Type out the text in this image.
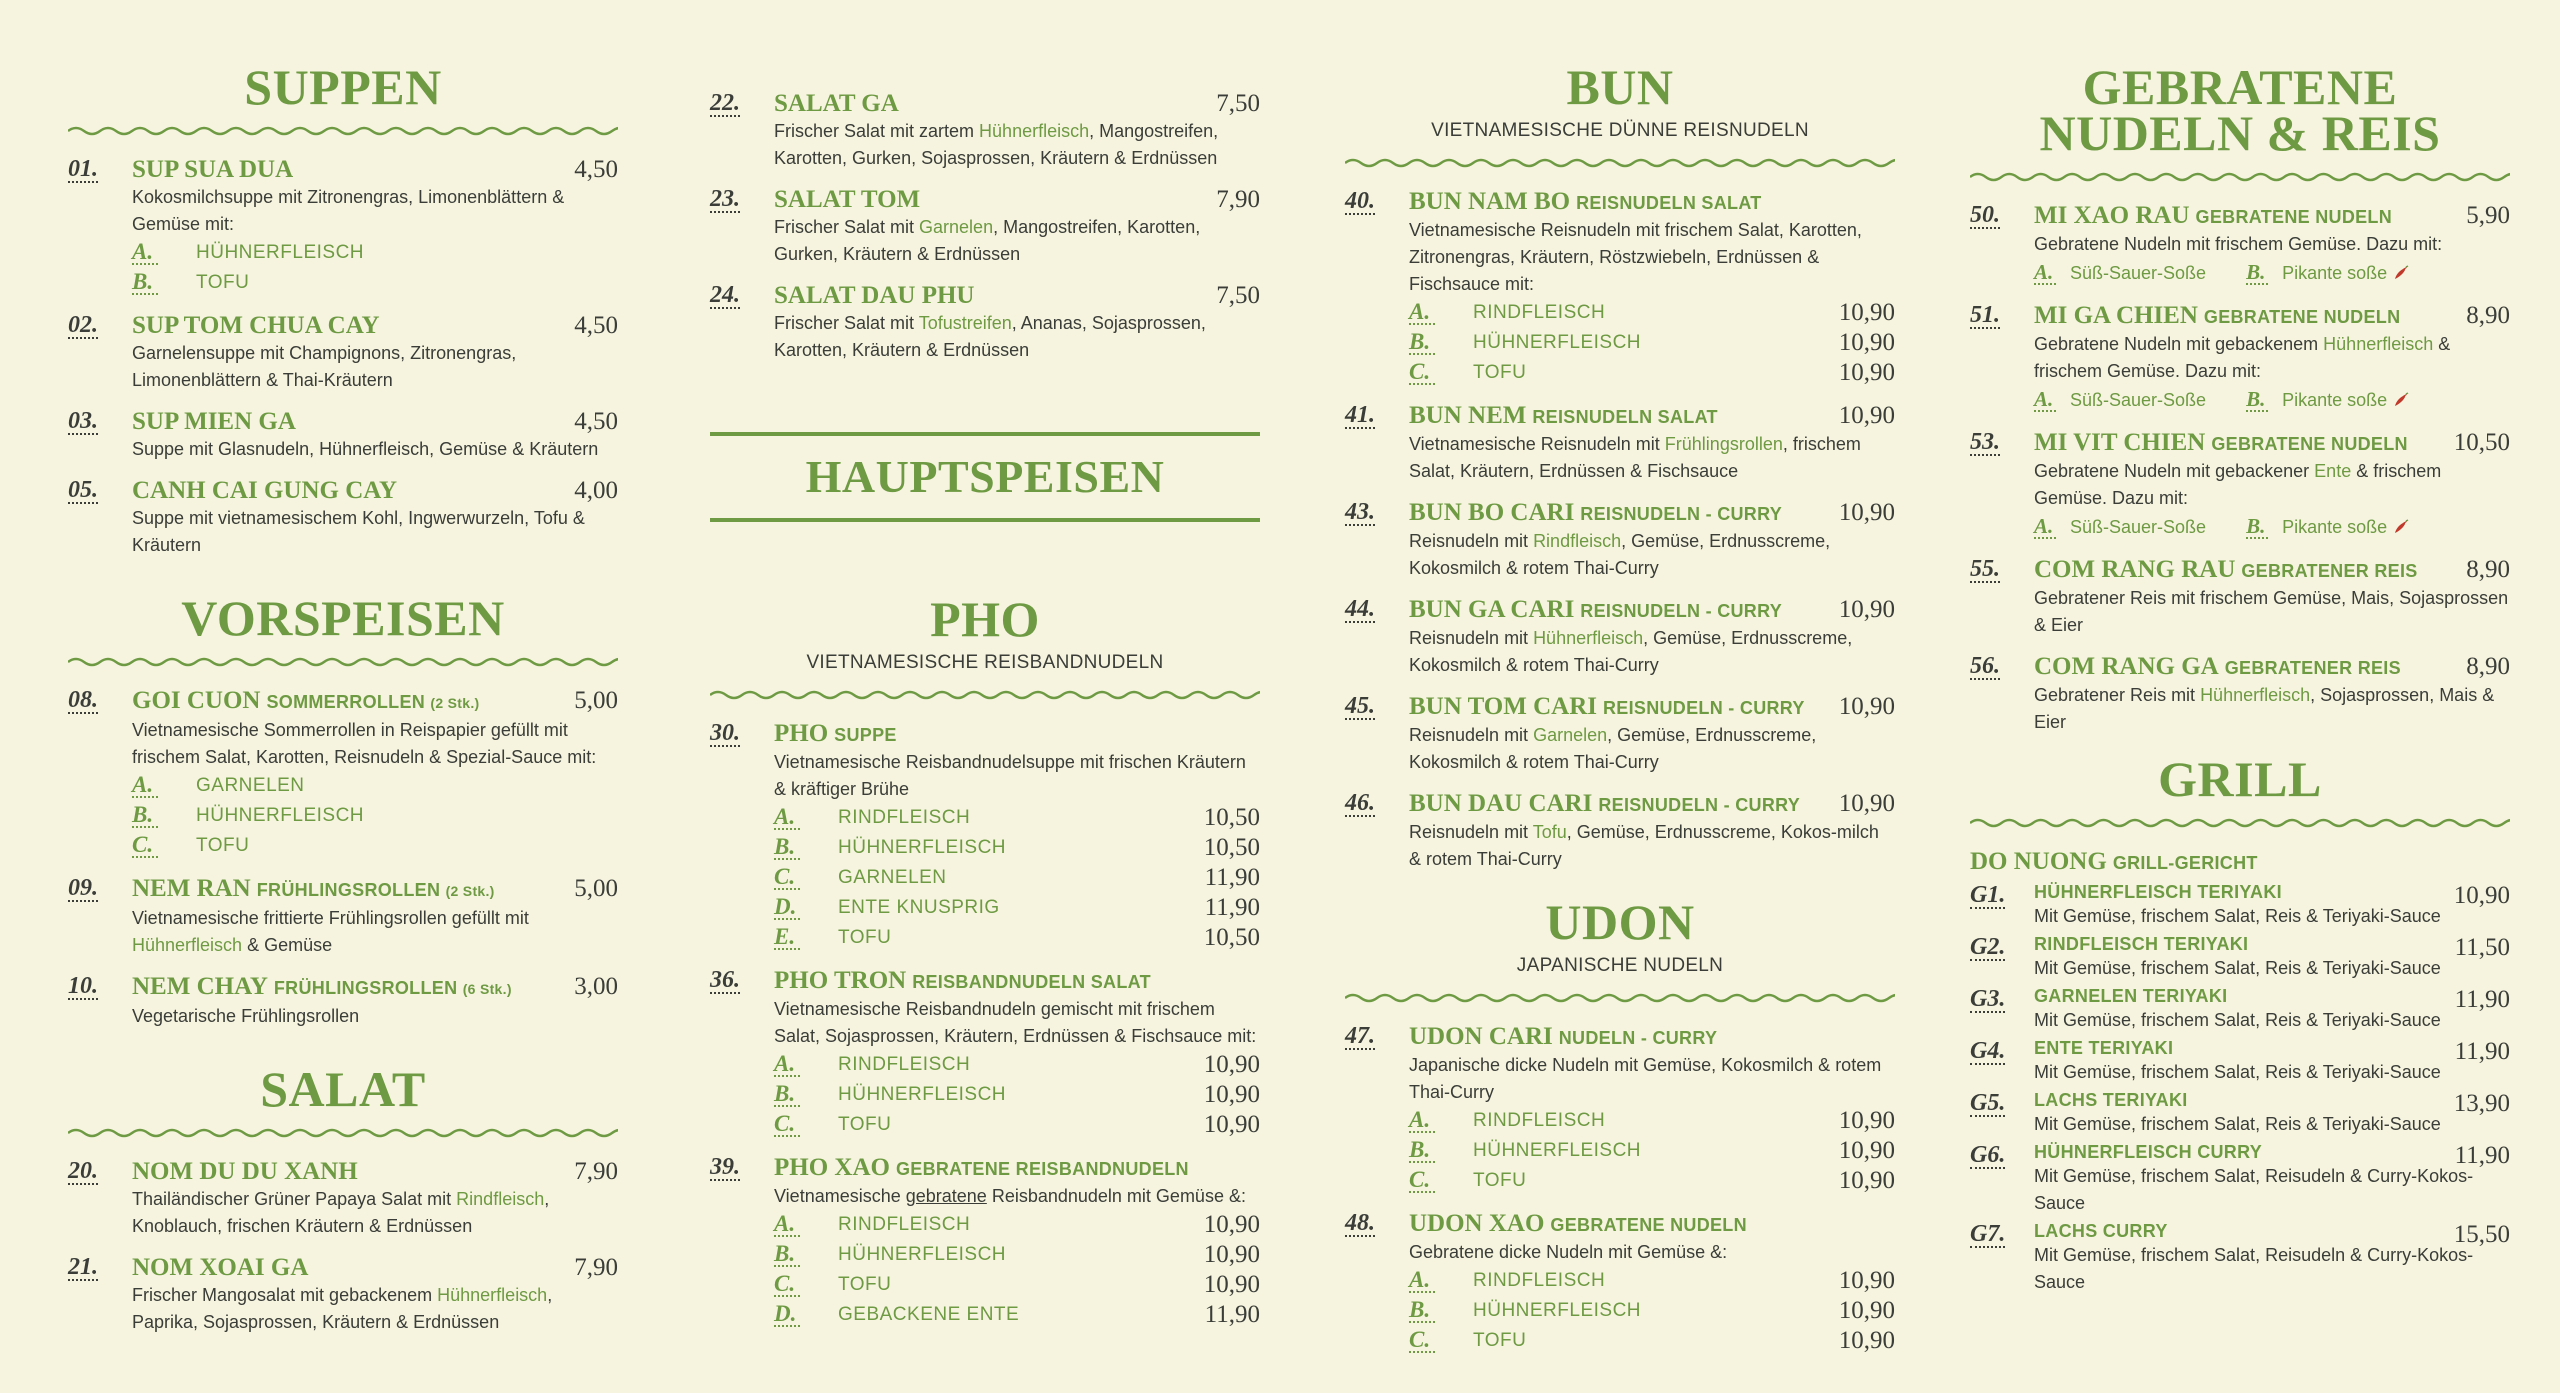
SUPPEN
01. SUP SUA DUA	4,50
Kokosmilchsuppe mit Zitronengras, Limonenblättern & Gemüse mit:
A. HÜHNERFLEISCH
B. TOFU
02. SUP TOM CHUA CAY	4,50
Garnelensuppe mit Champignons, Zitronengras, Limonenblättern & Thai-Kräutern
03. SUP MIEN GA	4,50
Suppe mit Glasnudeln, Hühnerfleisch, Gemüse & Kräutern
05. CANH CAI GUNG CAY	4,00
Suppe mit vietnamesischem Kohl, Ingwerwurzeln, Tofu & Kräutern
VORSPEISEN
08. GOI CUON SOMMERROLLEN (2 Stk.)	5,00
Vietnamesische Sommerrollen in Reispapier gefüllt mit frischem Salat, Karotten, Reisnudeln & Spezial-Sauce mit:
A. GARNELEN
B. HÜHNERFLEISCH
C. TOFU
09. NEM RAN FRÜHLINGSROLLEN (2 Stk.)	5,00
Vietnamesische frittierte Frühlingsrollen gefüllt mit Hühnerfleisch & Gemüse
10. NEM CHAY FRÜHLINGSROLLEN (6 Stk.) 3,00
Vegetarische Frühlingsrollen
SALAT
20. NOM DU DU XANH	7,90
Thailändischer Grüner Papaya Salat mit Rindfleisch, Knoblauch, frischen Kräutern & Erdnüssen
21. NOM XOAI GA	7,90
Frischer Mangosalat mit gebackenem Hühnerfleisch, Paprika, Sojasprossen, Kräutern & Erdnüssen
22. SALAT GA	7,50
Frischer Salat mit zartem Hühnerfleisch, Mangostreifen, Karotten, Gurken, Sojasprossen, Kräutern & Erdnüssen
23. SALAT TOM	7,90
Frischer Salat mit Garnelen, Mangostreifen, Karotten, Gurken, Kräutern & Erdnüssen
24. SALAT DAU PHU	7,50
Frischer Salat mit Tofustreifen, Ananas, Sojasprossen, Karotten, Kräutern & Erdnüssen
HAUPTSPEISEN
PHO
VIETNAMESISCHE REISBANDNUDELN
30. PHO SUPPE
Vietnamesische Reisbandnudelsuppe mit frischen Kräutern & kräftiger Brühe
A. RINDFLEISCH	10,50
B. HÜHNERFLEISCH	10,50
C. GARNELEN	11,90
D. ENTE KNUSPRIG	11,90
E. TOFU	10,50
36. PHO TRON REISBANDNUDELN SALAT
Vietnamesische Reisbandnudeln gemischt mit frischem Salat, Sojasprossen, Kräutern, Erdnüssen & Fischsauce mit:
A. RINDFLEISCH	10,90
B. HÜHNERFLEISCH	10,90
C. TOFU	10,90
39. PHO XAO GEBRATENE REISBANDNUDELN
Vietnamesische gebratene Reisbandnudeln mit Gemüse &:
A. RINDFLEISCH	10,90
B. HÜHNERFLEISCH	10,90
C. TOFU	10,90
D. GEBACKENE ENTE	11,90
BUN
VIETNAMESISCHE DÜNNE REISNUDELN
40. BUN NAM BO REISNUDELN SALAT
Vietnamesische Reisnudeln mit frischem Salat, Karotten, Zitronengras, Kräutern, Röstzwiebeln, Erdnüssen & Fischsauce mit:
A. RINDFLEISCH	10,90
B. HÜHNERFLEISCH	10,90
C. TOFU	10,90
41. BUN NEM REISNUDELN SALAT	10,90
Vietnamesische Reisnudeln mit Frühlingsrollen, frischem Salat, Kräutern, Erdnüssen & Fischsauce
43. BUN BO CARI REISNUDELN - CURRY 10,90
Reisnudeln mit Rindfleisch, Gemüse, Erdnusscreme, Kokosmilch & rotem Thai-Curry
44. BUN GA CARI REISNUDELN - CURRY 10,90
Reisnudeln mit Hühnerfleisch, Gemüse, Erdnusscreme, Kokosmilch & rotem Thai-Curry
45. BUN TOM CARI REISNUDELN - CURRY 10,90
Reisnudeln mit Garnelen, Gemüse, Erdnusscreme, Kokosmilch & rotem Thai-Curry
46. BUN DAU CARI REISNUDELN - CURRY 10,90
Reisnudeln mit Tofu, Gemüse, Erdnusscreme, Kokos-milch & rotem Thai-Curry
UDON
JAPANISCHE NUDELN
47. UDON CARI NUDELN - CURRY
Japanische dicke Nudeln mit Gemüse, Kokosmilch & rotem Thai-Curry
A. RINDFLEISCH	10,90
B. HÜHNERFLEISCH	10,90
C. TOFU	10,90
48. UDON XAO GEBRATENE NUDELN
Gebratene dicke Nudeln mit Gemüse &:
A. RINDFLEISCH	10,90
B. HÜHNERFLEISCH	10,90
C. TOFU	10,90
GEBRATENE
NUDELN & REIS
50. MI XAO RAU GEBRATENE NUDELN	5,90
Gebratene Nudeln mit frischem Gemüse. Dazu mit:
A. Süß-Sauer-Soße B. Pikante soße
51. MI GA CHIEN GEBRATENE NUDELN	8,90
Gebratene Nudeln mit gebackenem Hühnerfleisch & frischem Gemüse. Dazu mit:
A. Süß-Sauer-Soße B. Pikante soße
53. MI VIT CHIEN GEBRATENE NUDELN 10,50
Gebratene Nudeln mit gebackener Ente & frischem Gemüse. Dazu mit:
A. Süß-Sauer-Soße B. Pikante soße
55. COM RANG RAU GEBRATENER REIS 8,90
Gebratener Reis mit frischem Gemüse, Mais, Sojasprossen & Eier
56. COM RANG GA GEBRATENER REIS	8,90
Gebratener Reis mit Hühnerfleisch, Sojasprossen, Mais & Eier
GRILL
DO NUONG GRILL-GERICHT
G1. HÜHNERFLEISCH TERIYAKI	10,90
Mit Gemüse, frischem Salat, Reis & Teriyaki-Sauce
G2. RINDFLEISCH TERIYAKI	11,50
Mit Gemüse, frischem Salat, Reis & Teriyaki-Sauce
G3. GARNELEN TERIYAKI	11,90
Mit Gemüse, frischem Salat, Reis & Teriyaki-Sauce
G4. ENTE TERIYAKI	11,90
Mit Gemüse, frischem Salat, Reis & Teriyaki-Sauce
G5. LACHS TERIYAKI	13,90
Mit Gemüse, frischem Salat, Reis & Teriyaki-Sauce
G6. HÜHNERFLEISCH CURRY	11,90
Mit Gemüse, frischem Salat, Reisudeln & Curry-Kokos-Sauce
G7. LACHS CURRY	15,50
Mit Gemüse, frischem Salat, Reisudeln & Curry-Kokos-Sauce
